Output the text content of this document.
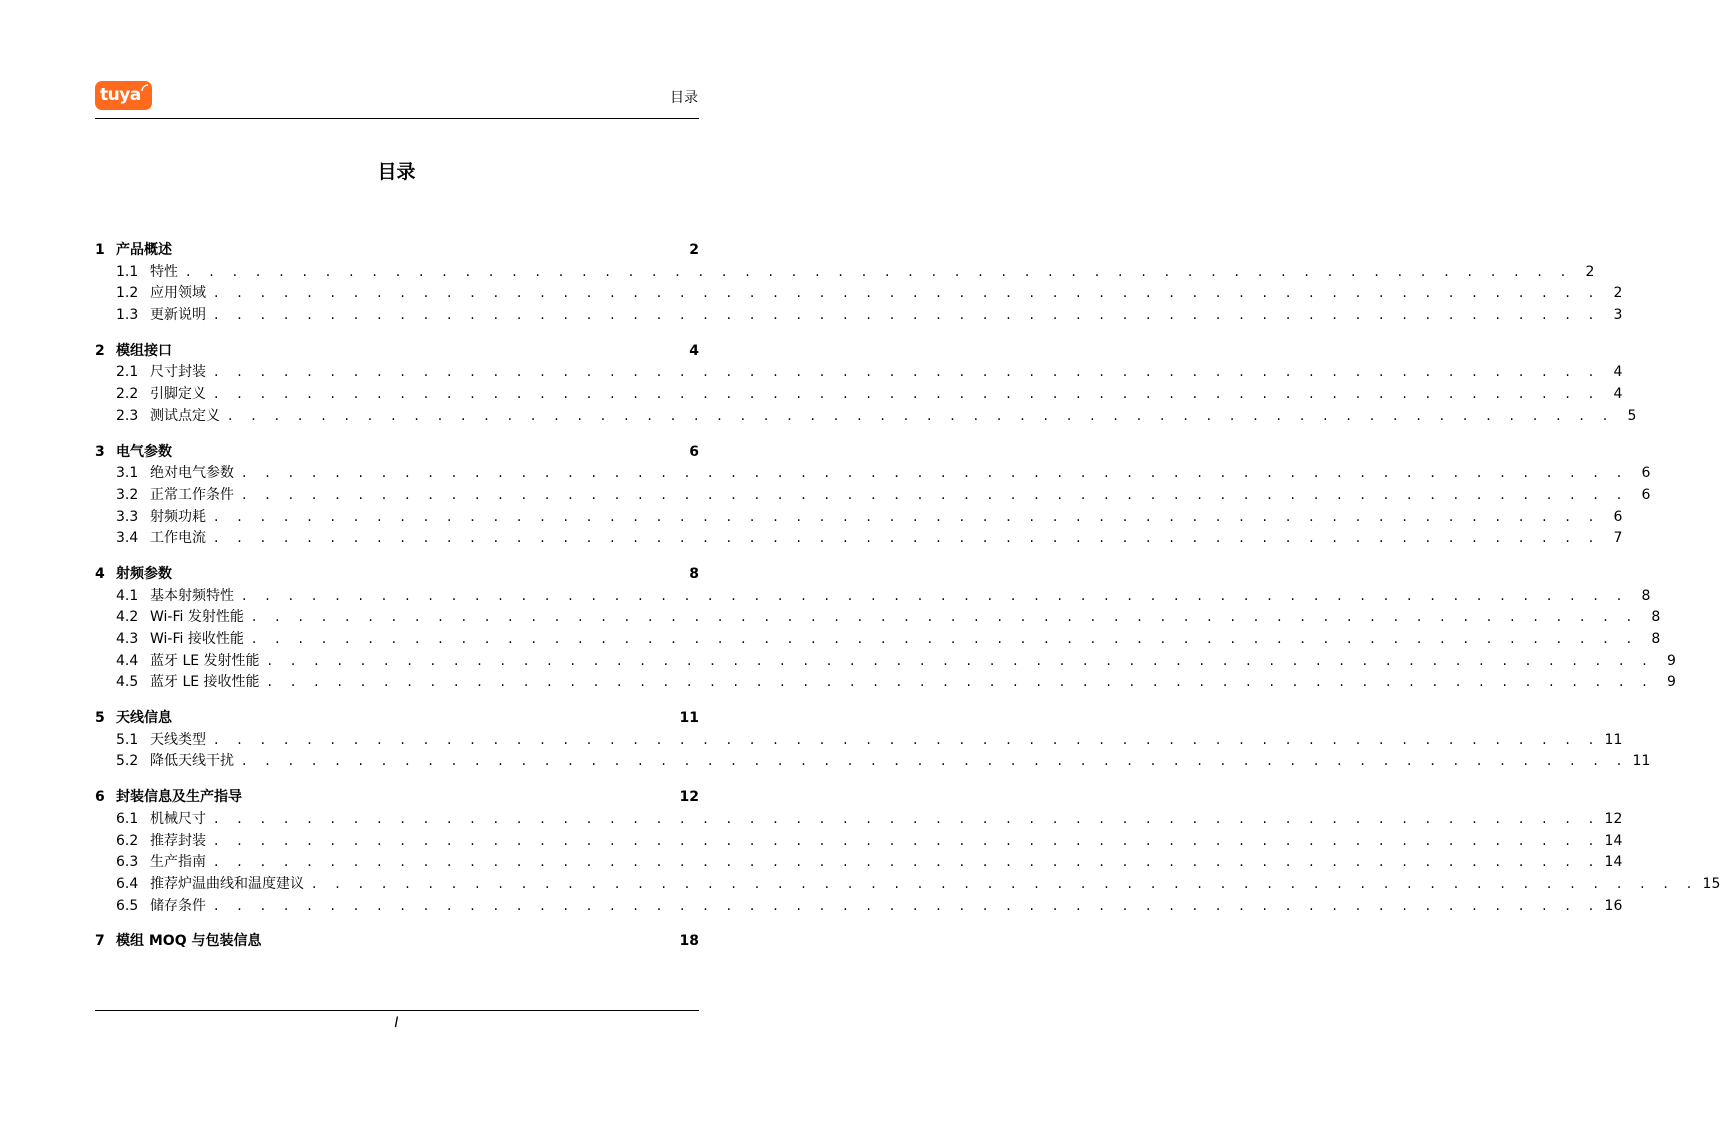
tuya	目录
目录
1 产品概述	2
1.1 特性 . . . . . . . . . . . . . . . . . . . . . . . . . . . . . . . . . . . . . . . . . . . . . . . . . . . . . . . . . . . . 2
1.2 应用领域 . . . . . . . . . . . . . . . . . . . . . . . . . . . . . . . . . . . . . . . . . . . . . . . . . . . . . . . . . . . . 2
1.3 更新说明 . . . . . . . . . . . . . . . . . . . . . . . . . . . . . . . . . . . . . . . . . . . . . . . . . . . . . . . . . . . . 3
2 模组接口	4
2.1 尺寸封装 . . . . . . . . . . . . . . . . . . . . . . . . . . . . . . . . . . . . . . . . . . . . . . . . . . . . . . . . . . . . 4
2.2 引脚定义 . . . . . . . . . . . . . . . . . . . . . . . . . . . . . . . . . . . . . . . . . . . . . . . . . . . . . . . . . . . . 4
2.3 测试点定义 . . . . . . . . . . . . . . . . . . . . . . . . . . . . . . . . . . . . . . . . . . . . . . . . . . . . . . . . . . . . 5
3 电气参数	6
3.1 绝对电气参数 . . . . . . . . . . . . . . . . . . . . . . . . . . . . . . . . . . . . . . . . . . . . . . . . . . . . . . . . . . . . 6
3.2 正常工作条件 . . . . . . . . . . . . . . . . . . . . . . . . . . . . . . . . . . . . . . . . . . . . . . . . . . . . . . . . . . . . 6
3.3 射频功耗 . . . . . . . . . . . . . . . . . . . . . . . . . . . . . . . . . . . . . . . . . . . . . . . . . . . . . . . . . . . . 6
3.4 工作电流 . . . . . . . . . . . . . . . . . . . . . . . . . . . . . . . . . . . . . . . . . . . . . . . . . . . . . . . . . . . . 7
4 射频参数	8
4.1 基本射频特性 . . . . . . . . . . . . . . . . . . . . . . . . . . . . . . . . . . . . . . . . . . . . . . . . . . . . . . . . . . . . 8
4.2 Wi-Fi 发射性能 . . . . . . . . . . . . . . . . . . . . . . . . . . . . . . . . . . . . . . . . . . . . . . . . . . . . . . . . . . . . 8
4.3 Wi-Fi 接收性能 . . . . . . . . . . . . . . . . . . . . . . . . . . . . . . . . . . . . . . . . . . . . . . . . . . . . . . . . . . . . 8
4.4 蓝牙 LE 发射性能 . . . . . . . . . . . . . . . . . . . . . . . . . . . . . . . . . . . . . . . . . . . . . . . . . . . . . . . . . . . . 9
4.5 蓝牙 LE 接收性能 . . . . . . . . . . . . . . . . . . . . . . . . . . . . . . . . . . . . . . . . . . . . . . . . . . . . . . . . . . . . 9
5 天线信息	11
5.1 天线类型 . . . . . . . . . . . . . . . . . . . . . . . . . . . . . . . . . . . . . . . . . . . . . . . . . . . . . . . . . . . . 11
5.2 降低天线干扰 . . . . . . . . . . . . . . . . . . . . . . . . . . . . . . . . . . . . . . . . . . . . . . . . . . . . . . . . . . . . 11
6 封装信息及生产指导	12
6.1 机械尺寸 . . . . . . . . . . . . . . . . . . . . . . . . . . . . . . . . . . . . . . . . . . . . . . . . . . . . . . . . . . . . 12
6.2 推荐封装 . . . . . . . . . . . . . . . . . . . . . . . . . . . . . . . . . . . . . . . . . . . . . . . . . . . . . . . . . . . . 14
6.3 生产指南 . . . . . . . . . . . . . . . . . . . . . . . . . . . . . . . . . . . . . . . . . . . . . . . . . . . . . . . . . . . . 14
6.4 推荐炉温曲线和温度建议 . . . . . . . . . . . . . . . . . . . . . . . . . . . . . . . . . . . . . . . . . . . . . . . . . . . . . . . . . . . . 15
6.5 储存条件 . . . . . . . . . . . . . . . . . . . . . . . . . . . . . . . . . . . . . . . . . . . . . . . . . . . . . . . . . . . . 16
7 模组 MOQ 与包装信息	18
I
